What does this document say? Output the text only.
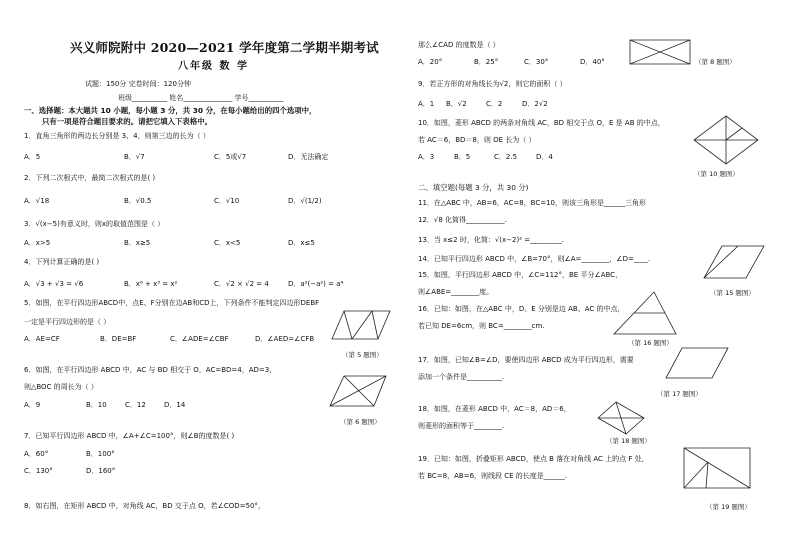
兴义师院附中 2020—2021 学年度第二学期半期考试
八年级 数 学
试题：150分 完卷时间：120分钟
班级__________ 姓名______________ 学号__________
一、选择题：本大题共 10 小题，每小题 3 分，共 30 分，在每小题给出的四个选项中，
只有一项是符合题目要求的。请把它填入下表格中。
1．直角三角形的两边长分别是 3、4，则第三边的长为（ ）
A．5	B．√7	C．5或√7	D．无法确定
2．下列二次根式中，最简二次根式的是( )
A．√18	B．√0.5	C．√10	D．√(1/2)
3．√(x−5)有意义时，则x的取值范围是（ ）
A．x>5	B．x≥5	C．x<5	D．x≤5
4．下列计算正确的是( )
A．√3 + √3 = √6	B．x⁶ + x³ = x²	C．√2 × √2 = 4	D．a²(−a²) = a⁴
5．如图，在平行四边形ABCD中，点E、F分别在边AB和CD上，下列条件不能判定四边形DEBF
一定是平行四边形的是（ ）
A．AE=CF	B．DE=BF	C．∠ADE=∠CBF	D．∠AED=∠CFB
（第 5 题图）
6．如图，在平行四边形 ABCD 中，AC 与 BD 相交于 O，AC=BD=4，AD=3，
则△BOC 的周长为（ ）
A．9	B．10	C．12	D．14
（第 6 题图）
7．已知平行四边形 ABCD 中，∠A+∠C=100°，则∠B的度数是( )
A．60°	B．100°
C．130°	D．160°
8．如右图，在矩形 ABCD 中，对角线 AC，BD 交于点 O，若∠COD=50°，
那么∠CAD 的度数是（ ）
A．20°	B．25°	C．30°	D．40°	（第 8 题图）
9．若正方形的对角线长为√2，则它的面积（ ）
A．1 B．√2	C．2	D．2√2
10．如图，菱形 ABCD 的两条对角线 AC，BD 相交于点 O，E 是 AB 的中点，
若 AC＝6，BD＝8，则 OE 长为（ ）
A．3	B．5	C．2.5	D．4
（第 10 题图）
二、填空题(每题 3 分，共 30 分)
11．在△ABC 中，AB=6，AC=8，BC=10，则该三角形是______三角形
12．√8 化简得___________.
13．当 x≤2 时，化简：√(x−2)² =_________.
14．已知平行四边形 ABCD 中，∠B=70°，则∠A=________，∠D=____.
15．如图，平行四边形 ABCD 中，∠C=112°，BE 平分∠ABC，
则∠ABE=________度。	（第 15 题图）
16．已知：如图，在△ABC 中，D、E 分别是边 AB、AC 的中点，
若已知 DE=6cm，则 BC=________cm.
（第 16 题图）
17．如图，已知∠B=∠D，要使四边形 ABCD 成为平行四边形，需要
添加一个条件是__________.
（第 17 题图）
18．如图，在菱形 ABCD 中，AC＝8，AD＝6，
则菱形的面积等于________.
（第 18 题图）
19．已知：如图，折叠矩形 ABCD，使点 B 落在对角线 AC 上的点 F 处，
若 BC=8，AB=6，则线段 CE 的长度是______.
（第 19 题图）
